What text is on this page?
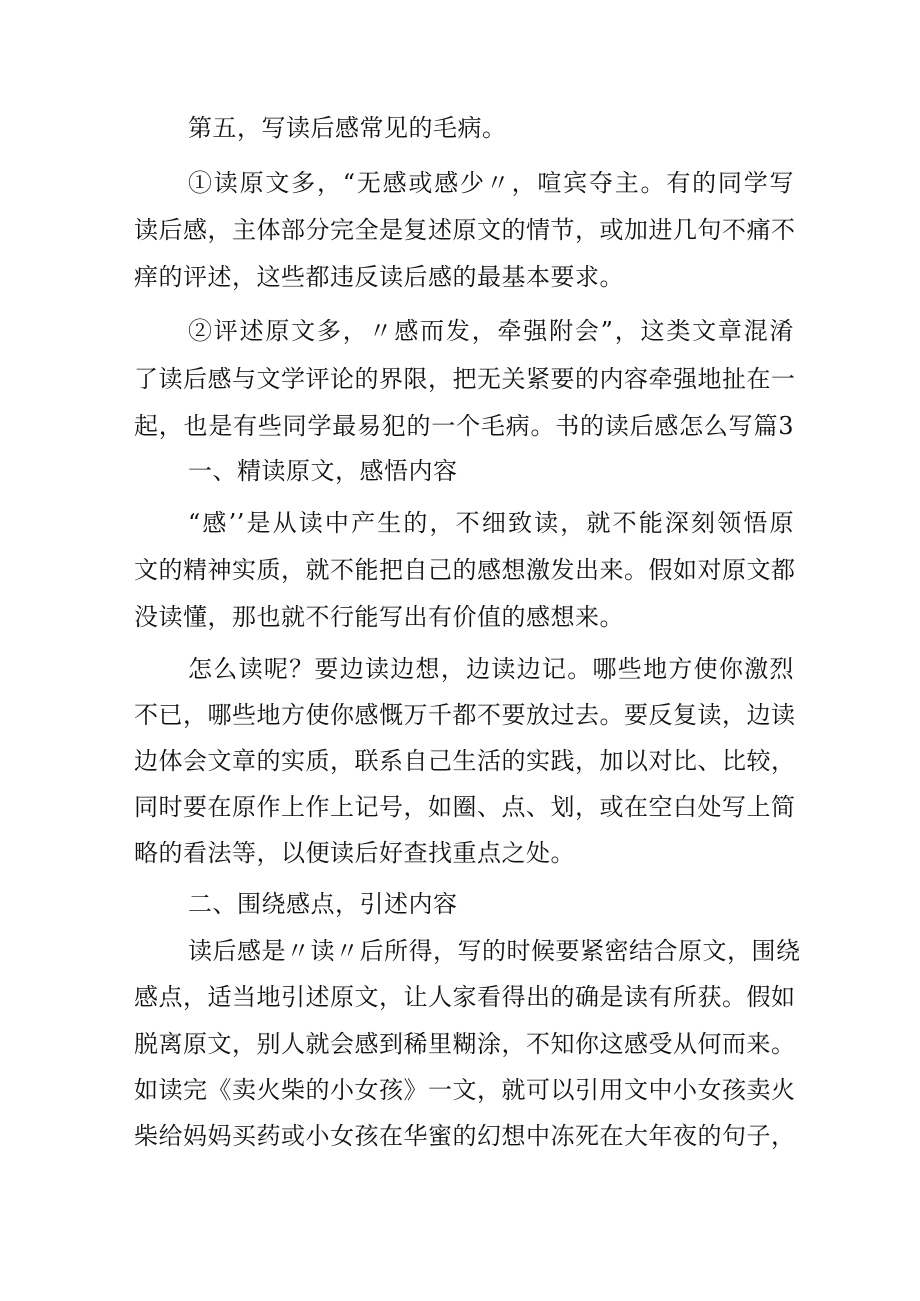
第五，写读后感常见的毛病。
①读原文多，“无感或感少〃，喧宾夺主。有的同学写
读后感，主体部分完全是复述原文的情节，或加进几句不痛不
痒的评述，这些都违反读后感的最基本要求。
②评述原文多，〃感而发，牵强附会”，这类文章混淆
了读后感与文学评论的界限，把无关紧要的内容牵强地扯在一
起，也是有些同学最易犯的一个毛病。书的读后感怎么写篇3
一、精读原文，感悟内容
“感’’是从读中产生的，不细致读，就不能深刻领悟原
文的精神实质，就不能把自己的感想激发出来。假如对原文都
没读懂，那也就不行能写出有价值的感想来。
怎么读呢？要边读边想，边读边记。哪些地方使你激烈
不已，哪些地方使你感慨万千都不要放过去。要反复读，边读
边体会文章的实质，联系自己生活的实践，加以对比、比较，
同时要在原作上作上记号，如圈、点、划，或在空白处写上简
略的看法等，以便读后好查找重点之处。
二、围绕感点，引述内容
读后感是〃读〃后所得，写的时候要紧密结合原文，围绕
感点，适当地引述原文，让人家看得出的确是读有所获。假如
脱离原文，别人就会感到稀里糊涂，不知你这感受从何而来。
如读完《卖火柴的小女孩》一文，就可以引用文中小女孩卖火
柴给妈妈买药或小女孩在华蜜的幻想中冻死在大年夜的句子，
